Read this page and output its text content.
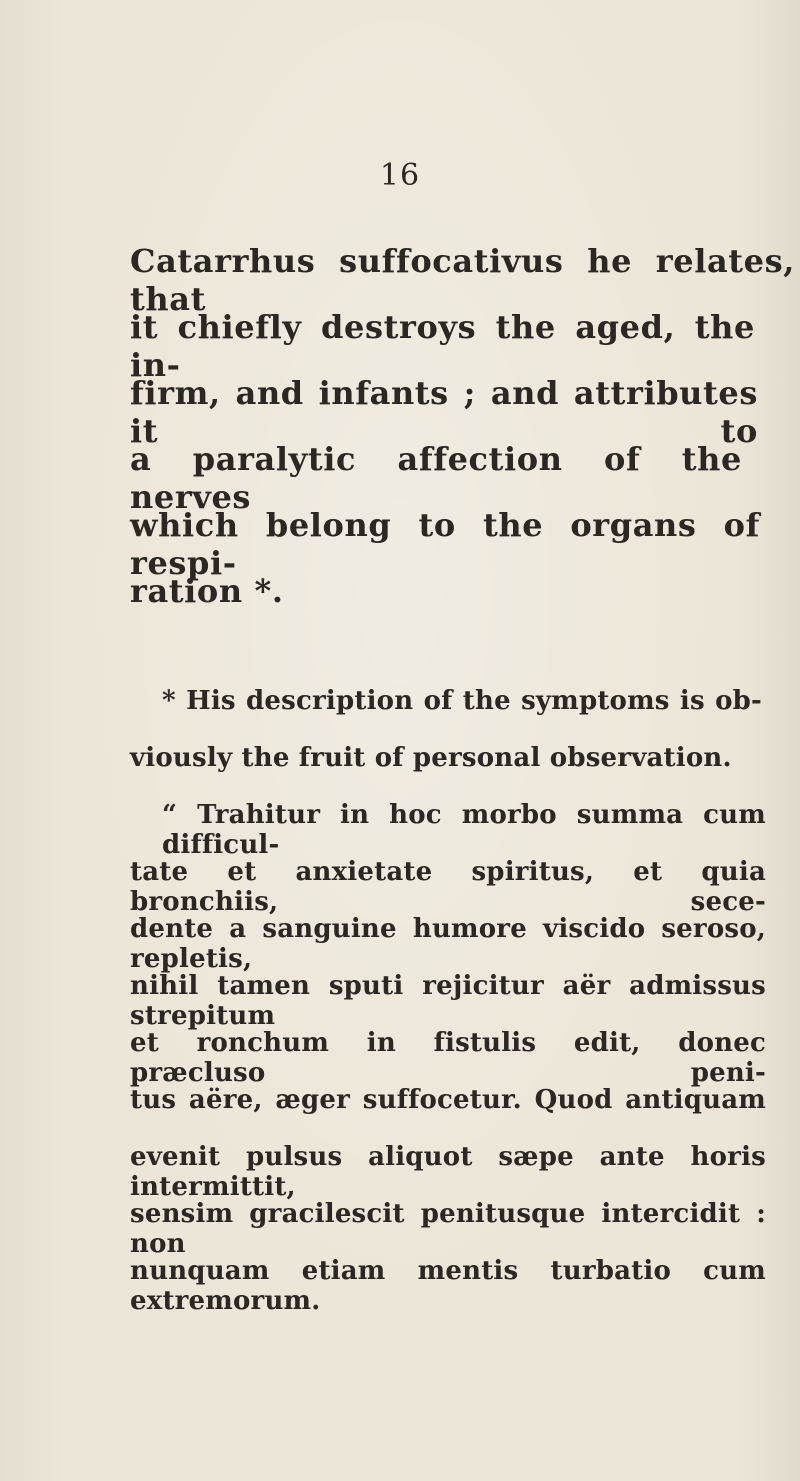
16
Catarrhus suffocativus he relates, that
it chiefly destroys the aged, the in-
firm, and infants ; and attributes it to
a paralytic affection of the nerves
which belong to the organs of respi-
ration *.
* His description of the symptoms is ob-
viously the fruit of personal observation.
“ Trahitur in hoc morbo summa cum difficul-
tate et anxietate spiritus, et quia bronchiis, sece-
dente a sanguine humore viscido seroso, repletis,
nihil tamen sputi rejicitur aër admissus strepitum
et ronchum in fistulis edit, donec præcluso peni-
tus aëre, æger suffocetur. Quod antiquam
evenit pulsus aliquot sæpe ante horis intermittit,
sensim gracilescit penitusque intercidit : non
nunquam etiam mentis turbatio cum extremorum.
